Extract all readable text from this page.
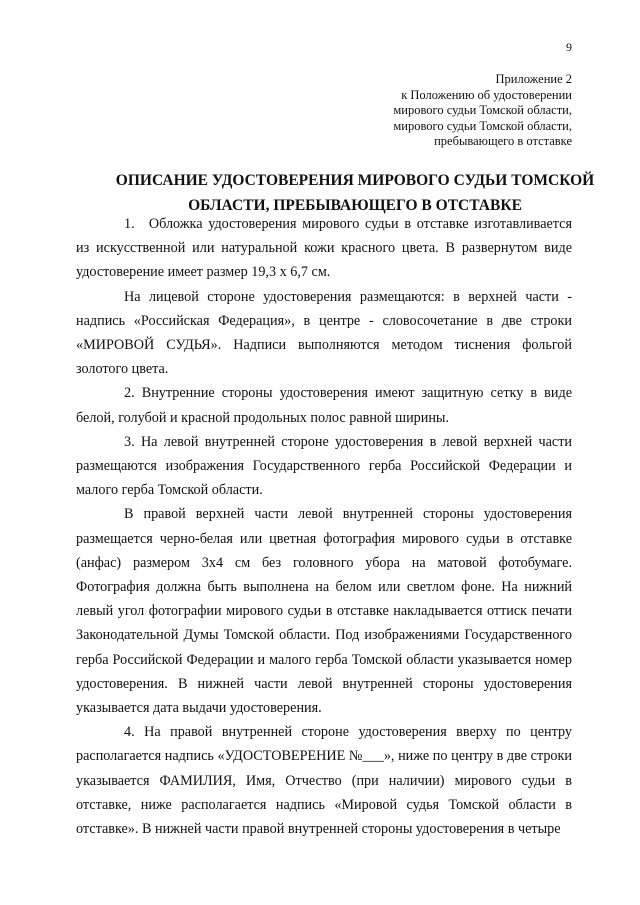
9
Приложение 2
к Положению об удостоверении
мирового судьи Томской области,
мирового судьи Томской области,
пребывающего в отставке
ОПИСАНИЕ УДОСТОВЕРЕНИЯ МИРОВОГО СУДЬИ ТОМСКОЙ
ОБЛАСТИ, ПРЕБЫВАЮЩЕГО В ОТСТАВКЕ

1. Обложка удостоверения мирового судьи в отставке изготавливается из искусственной или натуральной кожи красного цвета. В развернутом виде удостоверение имеет размер 19,3 х 6,7 см.

На лицевой стороне удостоверения размещаются: в верхней части - надпись «Российская Федерация», в центре - словосочетание в две строки «МИРОВОЙ СУДЬЯ». Надписи выполняются методом тиснения фольгой золотого цвета.

2. Внутренние стороны удостоверения имеют защитную сетку в виде белой, голубой и красной продольных полос равной ширины.

3. На левой внутренней стороне удостоверения в левой верхней части размещаются изображения Государственного герба Российской Федерации и малого герба Томской области.

В правой верхней части левой внутренней стороны удостоверения размещается черно-белая или цветная фотография мирового судьи в отставке (анфас) размером 3х4 см без головного убора на матовой фотобумаге. Фотография должна быть выполнена на белом или светлом фоне. На нижний левый угол фотографии мирового судьи в отставке накладывается оттиск печати Законодательной Думы Томской области. Под изображениями Государственного герба Российской Федерации и малого герба Томской области указывается номер удостоверения. В нижней части левой внутренней стороны удостоверения указывается дата выдачи удостоверения.

4. На правой внутренней стороне удостоверения вверху по центру располагается надпись «УДОСТОВЕРЕНИЕ №___», ниже по центру в две строки указывается ФАМИЛИЯ, Имя, Отчество (при наличии) мирового судьи в отставке, ниже располагается надпись «Мировой судья Томской области в отставке». В нижней части правой внутренней стороны удостоверения в четыре
